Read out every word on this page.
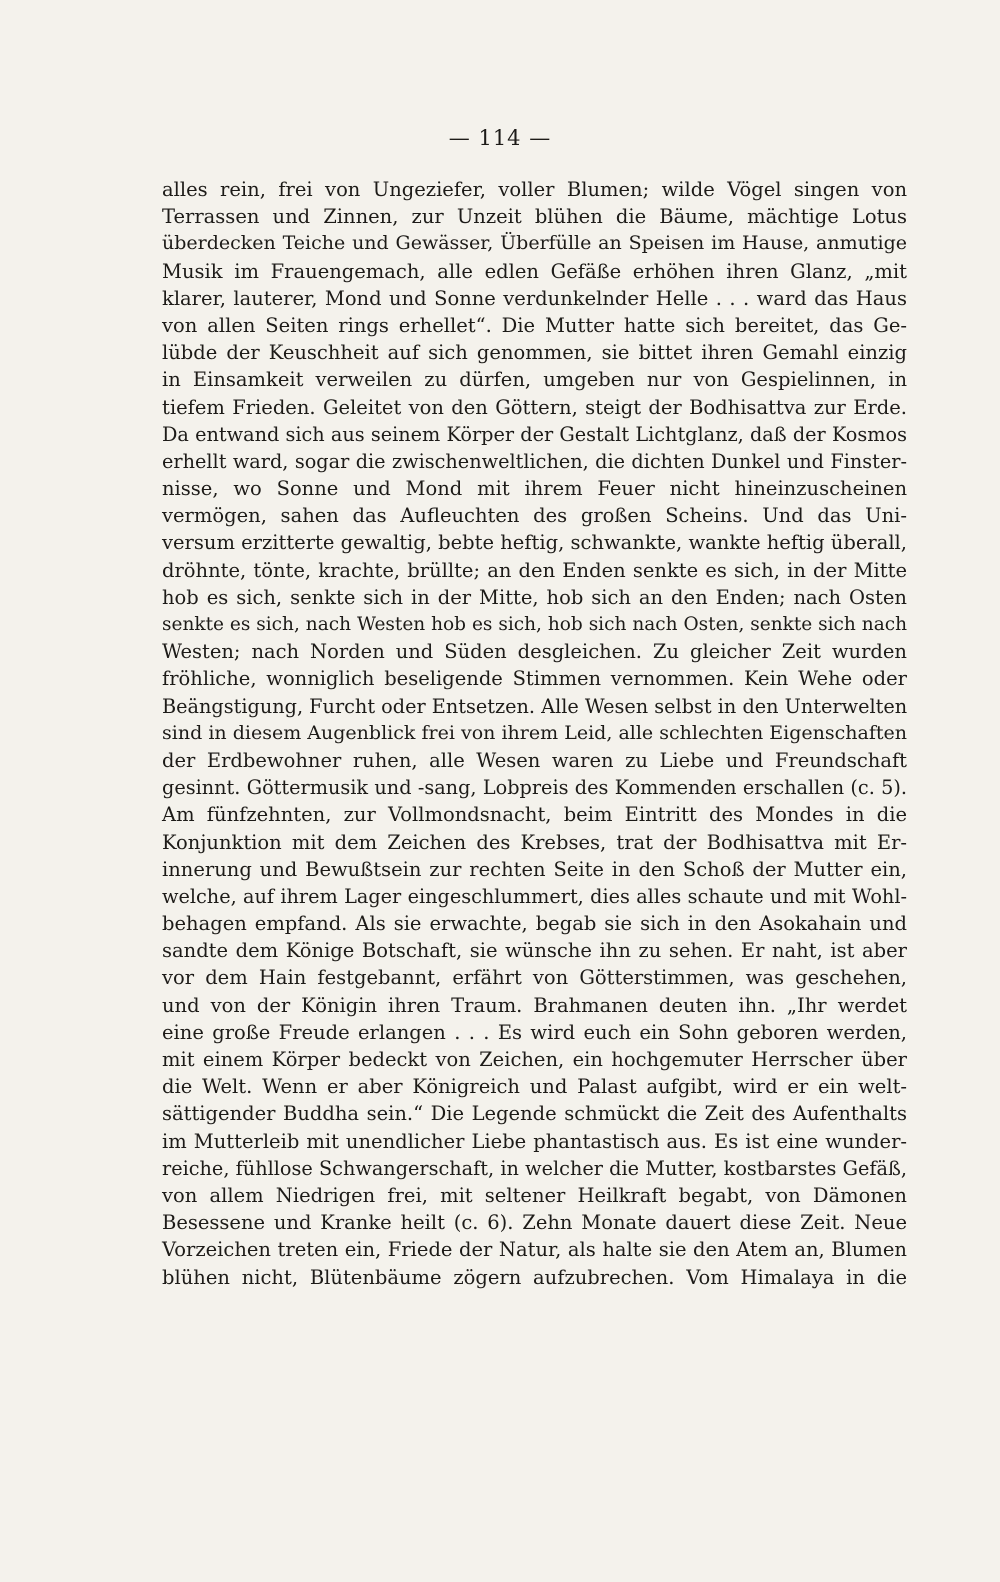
— 114 —
alles rein, frei von Ungeziefer, voller Blumen; wilde Vögel singen von
Terrassen und Zinnen, zur Unzeit blühen die Bäume, mächtige Lotus
überdecken Teiche und Gewässer, Überfülle an Speisen im Hause, anmutige
Musik im Frauengemach, alle edlen Gefäße erhöhen ihren Glanz, „mit
klarer, lauterer, Mond und Sonne verdunkelnder Helle . . . ward das Haus
von allen Seiten rings erhellet“. Die Mutter hatte sich bereitet, das Ge-
lübde der Keuschheit auf sich genommen, sie bittet ihren Gemahl einzig
in Einsamkeit verweilen zu dürfen, umgeben nur von Gespielinnen, in
tiefem Frieden. Geleitet von den Göttern, steigt der Bodhisattva zur Erde.
Da entwand sich aus seinem Körper der Gestalt Lichtglanz, daß der Kosmos
erhellt ward, sogar die zwischenweltlichen, die dichten Dunkel und Finster-
nisse, wo Sonne und Mond mit ihrem Feuer nicht hineinzuscheinen
vermögen, sahen das Aufleuchten des großen Scheins. Und das Uni-
versum erzitterte gewaltig, bebte heftig, schwankte, wankte heftig überall,
dröhnte, tönte, krachte, brüllte; an den Enden senkte es sich, in der Mitte
hob es sich, senkte sich in der Mitte, hob sich an den Enden; nach Osten
senkte es sich, nach Westen hob es sich, hob sich nach Osten, senkte sich nach
Westen; nach Norden und Süden desgleichen. Zu gleicher Zeit wurden
fröhliche, wonniglich beseligende Stimmen vernommen. Kein Wehe oder
Beängstigung, Furcht oder Entsetzen. Alle Wesen selbst in den Unterwelten
sind in diesem Augenblick frei von ihrem Leid, alle schlechten Eigenschaften
der Erdbewohner ruhen, alle Wesen waren zu Liebe und Freundschaft
gesinnt. Göttermusik und -sang, Lobpreis des Kommenden erschallen (c. 5).
Am fünfzehnten, zur Vollmondsnacht, beim Eintritt des Mondes in die
Konjunktion mit dem Zeichen des Krebses, trat der Bodhisattva mit Er-
innerung und Bewußtsein zur rechten Seite in den Schoß der Mutter ein,
welche, auf ihrem Lager eingeschlummert, dies alles schaute und mit Wohl-
behagen empfand. Als sie erwachte, begab sie sich in den Asokahain und
sandte dem Könige Botschaft, sie wünsche ihn zu sehen. Er naht, ist aber
vor dem Hain festgebannt, erfährt von Götterstimmen, was geschehen,
und von der Königin ihren Traum. Brahmanen deuten ihn. „Ihr werdet
eine große Freude erlangen . . . Es wird euch ein Sohn geboren werden,
mit einem Körper bedeckt von Zeichen, ein hochgemuter Herrscher über
die Welt. Wenn er aber Königreich und Palast aufgibt, wird er ein welt-
sättigender Buddha sein.“ Die Legende schmückt die Zeit des Aufenthalts
im Mutterleib mit unendlicher Liebe phantastisch aus. Es ist eine wunder-
reiche, fühllose Schwangerschaft, in welcher die Mutter, kostbarstes Gefäß,
von allem Niedrigen frei, mit seltener Heilkraft begabt, von Dämonen
Besessene und Kranke heilt (c. 6). Zehn Monate dauert diese Zeit. Neue
Vorzeichen treten ein, Friede der Natur, als halte sie den Atem an, Blumen
blühen nicht, Blütenbäume zögern aufzubrechen. Vom Himalaya in die
